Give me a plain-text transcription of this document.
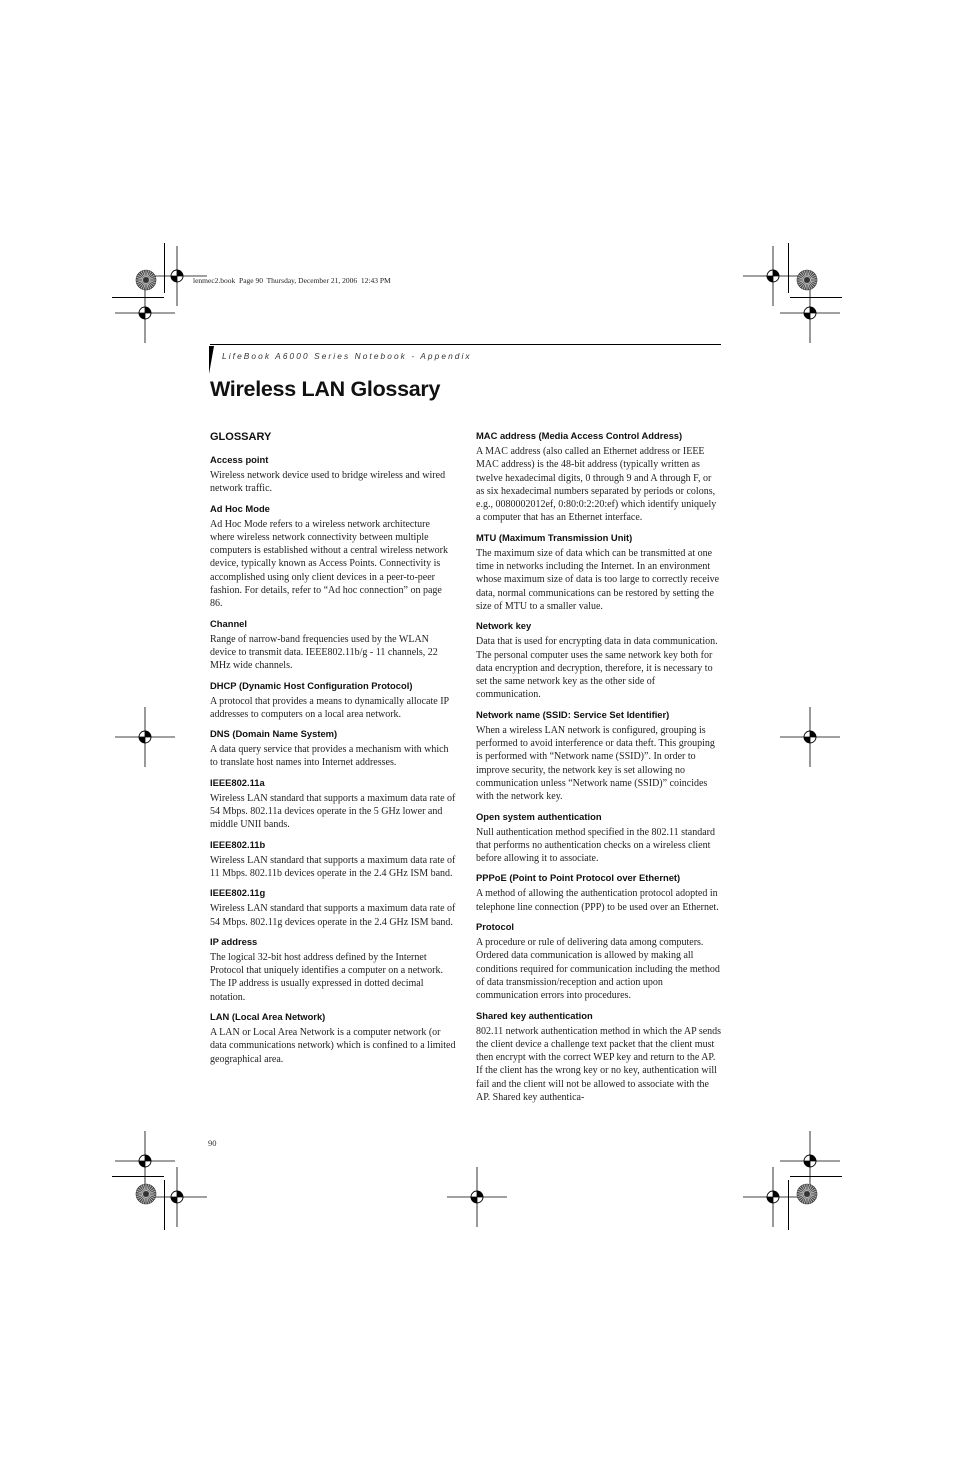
lenmec2.book  Page 90  Thursday, December 21, 2006  12:43 PM
LifeBook A6000 Series Notebook - Appendix
Wireless LAN Glossary
GLOSSARY
Access point

Wireless network device used to bridge wireless and wired network traffic.

Ad Hoc Mode

Ad Hoc Mode refers to a wireless network architecture where wireless network connectivity between multiple computers is established without a central wireless network device, typically known as Access Points. Connectivity is accomplished using only client devices in a peer-to-peer fashion. For details, refer to “Ad hoc connection” on page 86.

Channel

Range of narrow-band frequencies used by the WLAN device to transmit data. IEEE802.11b/g - 11 channels, 22 MHz wide channels.

DHCP (Dynamic Host Configuration Protocol)

A protocol that provides a means to dynamically allocate IP addresses to computers on a local area network.

DNS (Domain Name System)

A data query service that provides a mechanism with which to translate host names into Internet addresses.

IEEE802.11a

Wireless LAN standard that supports a maximum data rate of 54 Mbps. 802.11a devices operate in the 5 GHz lower and middle UNII bands.

IEEE802.11b

Wireless LAN standard that supports a maximum data rate of 11 Mbps. 802.11b devices operate in the 2.4 GHz ISM band.

IEEE802.11g

Wireless LAN standard that supports a maximum data rate of 54 Mbps. 802.11g devices operate in the 2.4 GHz ISM band.

IP address

The logical 32-bit host address defined by the Internet Protocol that uniquely identifies a computer on a network. The IP address is usually expressed in dotted decimal notation.

LAN (Local Area Network)

A LAN or Local Area Network is a computer network (or data communications network) which is confined to a limited geographical area.

MAC address (Media Access Control Address)

A MAC address (also called an Ethernet address or IEEE MAC address) is the 48-bit address (typically written as twelve hexadecimal digits, 0 through 9 and A through F, or as six hexadecimal numbers separated by periods or colons, e.g., 0080002012ef, 0:80:0:2:20:ef) which identify uniquely a computer that has an Ethernet interface.

MTU (Maximum Transmission Unit)

The maximum size of data which can be transmitted at one time in networks including the Internet. In an environment whose maximum size of data is too large to correctly receive data, normal communications can be restored by setting the size of MTU to a smaller value.

Network key

Data that is used for encrypting data in data communication. The personal computer uses the same network key both for data encryption and decryption, therefore, it is necessary to set the same network key as the other side of communication.

Network name (SSID: Service Set Identifier)

When a wireless LAN network is configured, grouping is performed to avoid interference or data theft. This grouping is performed with “Network name (SSID)”. In order to improve security, the network key is set allowing no communication unless “Network name (SSID)” coincides with the network key.

Open system authentication

Null authentication method specified in the 802.11 standard that performs no authentication checks on a wireless client before allowing it to associate.

PPPoE (Point to Point Protocol over Ethernet)

A method of allowing the authentication protocol adopted in telephone line connection (PPP) to be used over an Ethernet.

Protocol

A procedure or rule of delivering data among computers. Ordered data communication is allowed by making all conditions required for communication including the method of data transmission/reception and action upon communication errors into procedures.

Shared key authentication

802.11 network authentication method in which the AP sends the client device a challenge text packet that the client must then encrypt with the correct WEP key and return to the AP. If the client has the wrong key or no key, authentication will fail and the client will not be allowed to associate with the AP. Shared key authentica-

90
